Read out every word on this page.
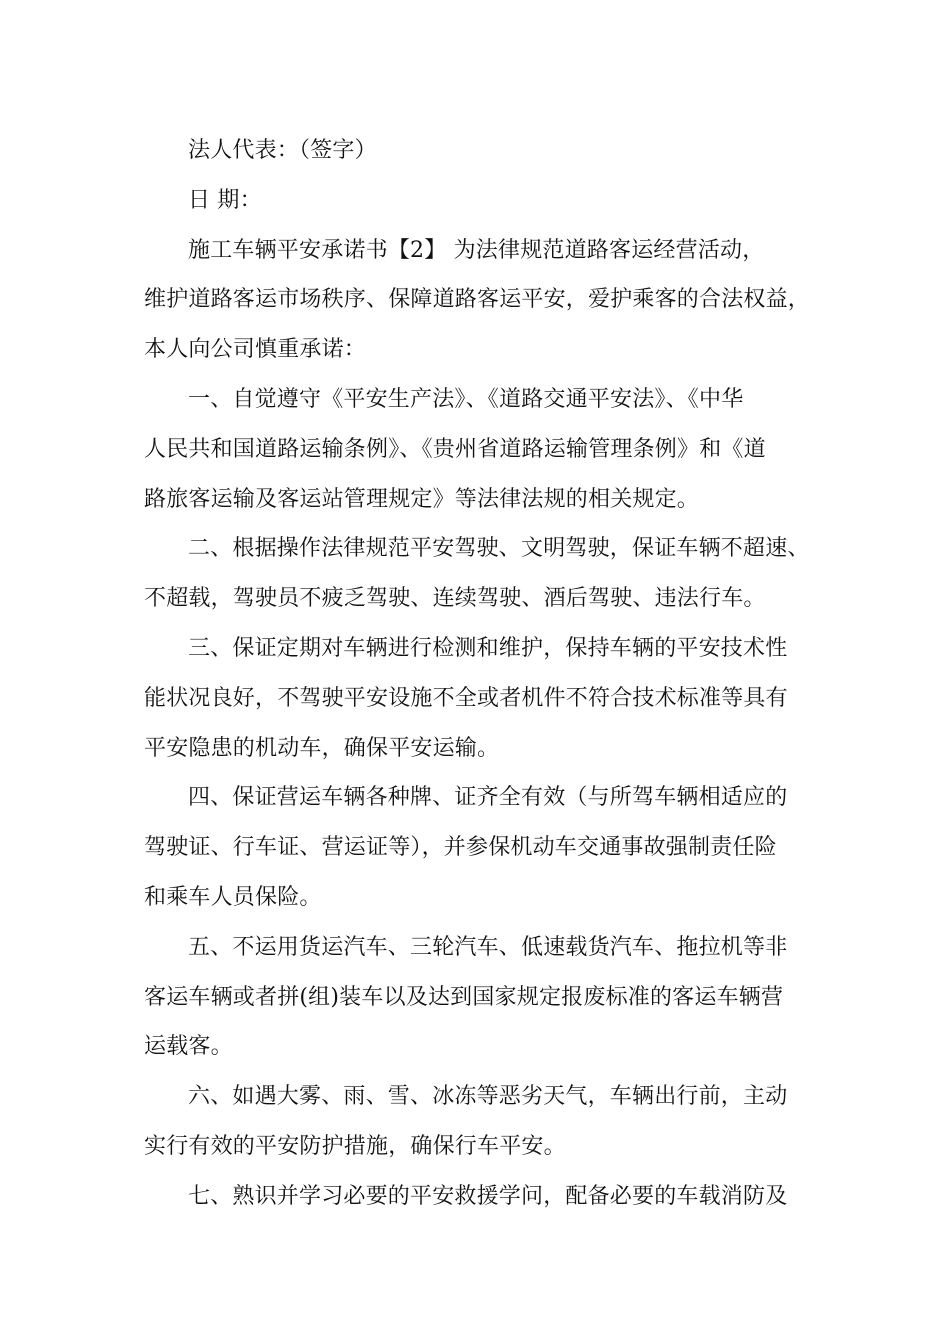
法人代表：（签字）
日 期：
施工车辆平安承诺书【2】 为法律规范道路客运经营活动，
维护道路客运市场秩序、保障道路客运平安，爱护乘客的合法权益，
本人向公司慎重承诺：
一、自觉遵守《平安生产法》、《道路交通平安法》、《中华
人民共和国道路运输条例》、《贵州省道路运输管理条例》和《道
路旅客运输及客运站管理规定》等法律法规的相关规定。
二、根据操作法律规范平安驾驶、文明驾驶，保证车辆不超速、
不超载，驾驶员不疲乏驾驶、连续驾驶、酒后驾驶、违法行车。
三、保证定期对车辆进行检测和维护，保持车辆的平安技术性
能状况良好，不驾驶平安设施不全或者机件不符合技术标准等具有
平安隐患的机动车，确保平安运输。
四、保证营运车辆各种牌、证齐全有效（与所驾车辆相适应的
驾驶证、行车证、营运证等），并参保机动车交通事故强制责任险
和乘车人员保险。
五、不运用货运汽车、三轮汽车、低速载货汽车、拖拉机等非
客运车辆或者拼(组)装车以及达到国家规定报废标准的客运车辆营
运载客。
六、如遇大雾、雨、雪、冰冻等恶劣天气，车辆出行前，主动
实行有效的平安防护措施，确保行车平安。
七、熟识并学习必要的平安救援学问，配备必要的车载消防及
